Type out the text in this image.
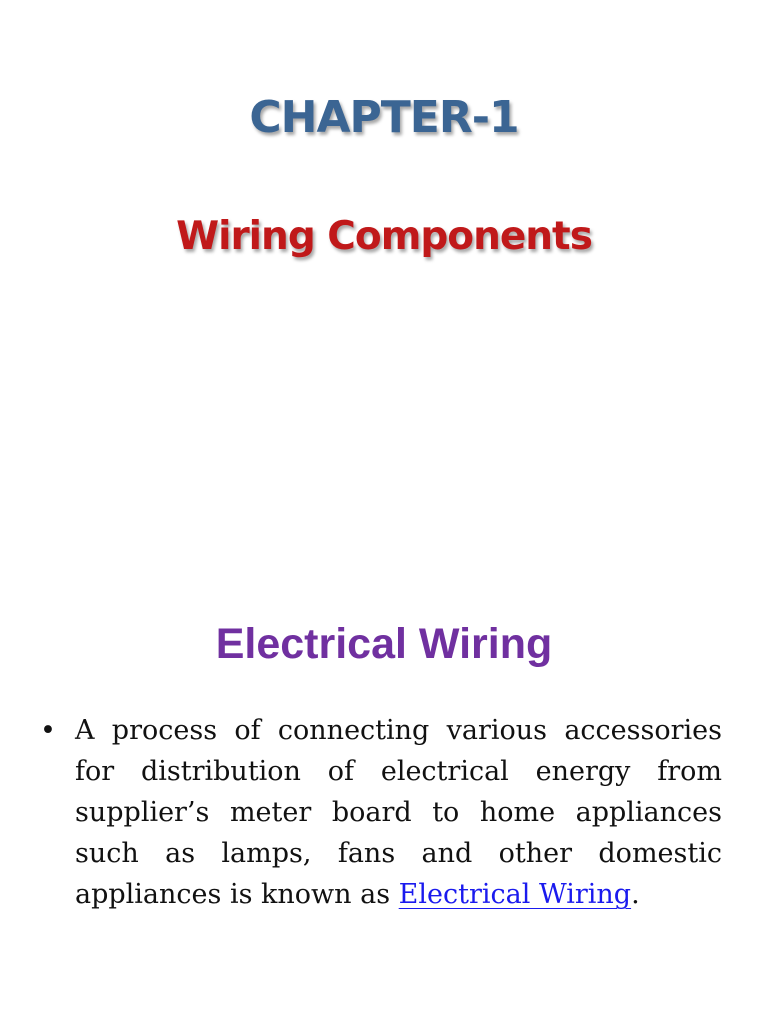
CHAPTER-1
Wiring Components
Electrical Wiring
• A process of connecting various accessories for distribution of electrical energy from supplier’s meter board to home appliances such as lamps, fans and other domestic appliances is known as Electrical Wiring.
